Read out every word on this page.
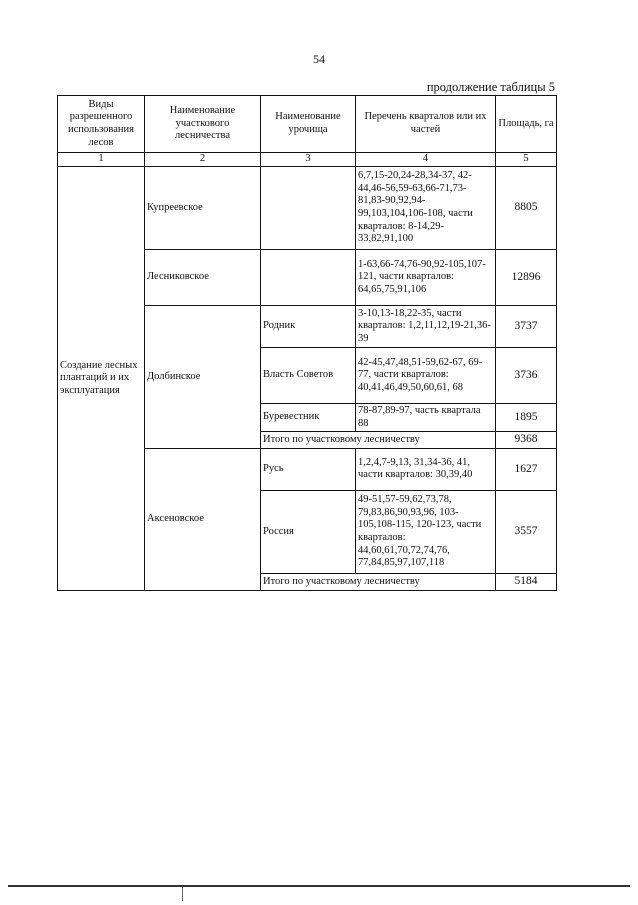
54
продолжение таблицы 5
Виды разрешенного использования лесов	Наименование участкового лесничества	Наименование урочища	Перечень кварталов или их частей	Площадь, га
1	2	3	4	5
Создание лесных плантаций и их эксплуатация	Купреевское		6,7,15-20,24-28,34-37, 42-44,46-56,59-63,66-71,73-81,83-90,92,94-99,103,104,106-108, части кварталов: 8-14,29- 33,82,91,100	8805
	Лесниковское		1-63,66-74,76-90,92-105,107-121, части кварталов: 64,65,75,91,106	12896
	Долбинское	Родник	3-10,13-18,22-35, части кварталов: 1,2,11,12,19-21,36-39	3737
		Власть Советов	42-45,47,48,51-59,62-67, 69-77, части кварталов: 40,41,46,49,50,60,61, 68	3736
		Буревестник	78-87,89-97, часть квартала 88	1895
		Итого по участковому лесничеству		9368
	Аксеновское	Русь	1,2,4,7-9,13, 31,34-36, 41, части кварталов: 30,39,40	1627
		Россия	49-51,57-59,62,73,78, 79,83,86,90,93,96, 103-105,108-115, 120-123, части кварталов: 44,60,61,70,72,74,76, 77,84,85,97,107,118	3557
		Итого по участковому лесничеству		5184
